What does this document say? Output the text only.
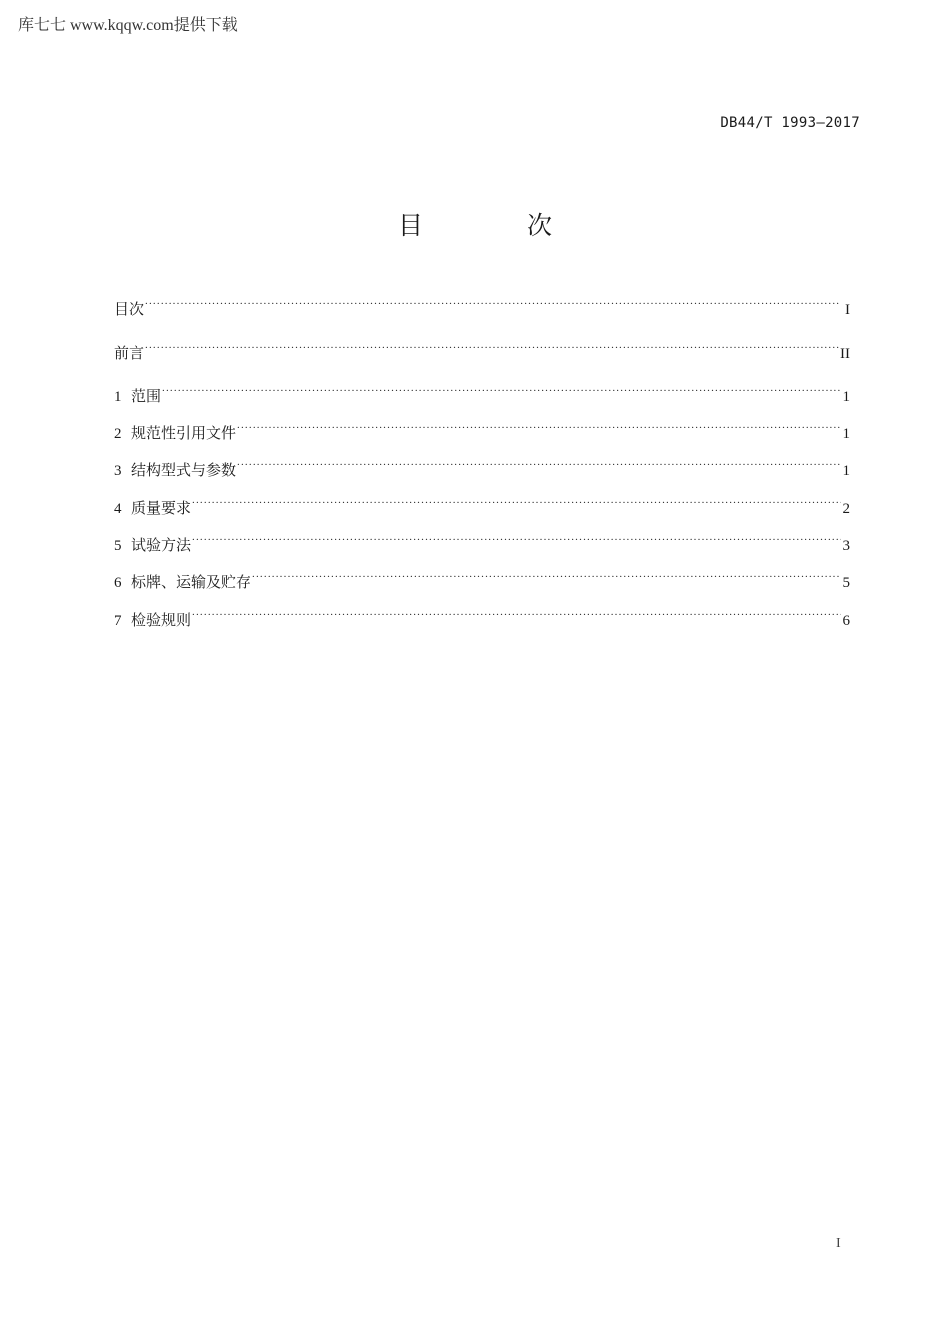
库七七 www.kqqw.com提供下载
DB44/T 1993—2017
目	次
目次 .....	I
前言 .....	II
1 范围 .....	1
2 规范性引用文件 .....	1
3 结构型式与参数 .....	1
4 质量要求 .....	2
5 试验方法 .....	3
6 标牌、运输及贮存 .....	5
7 检验规则 .....	6
I
